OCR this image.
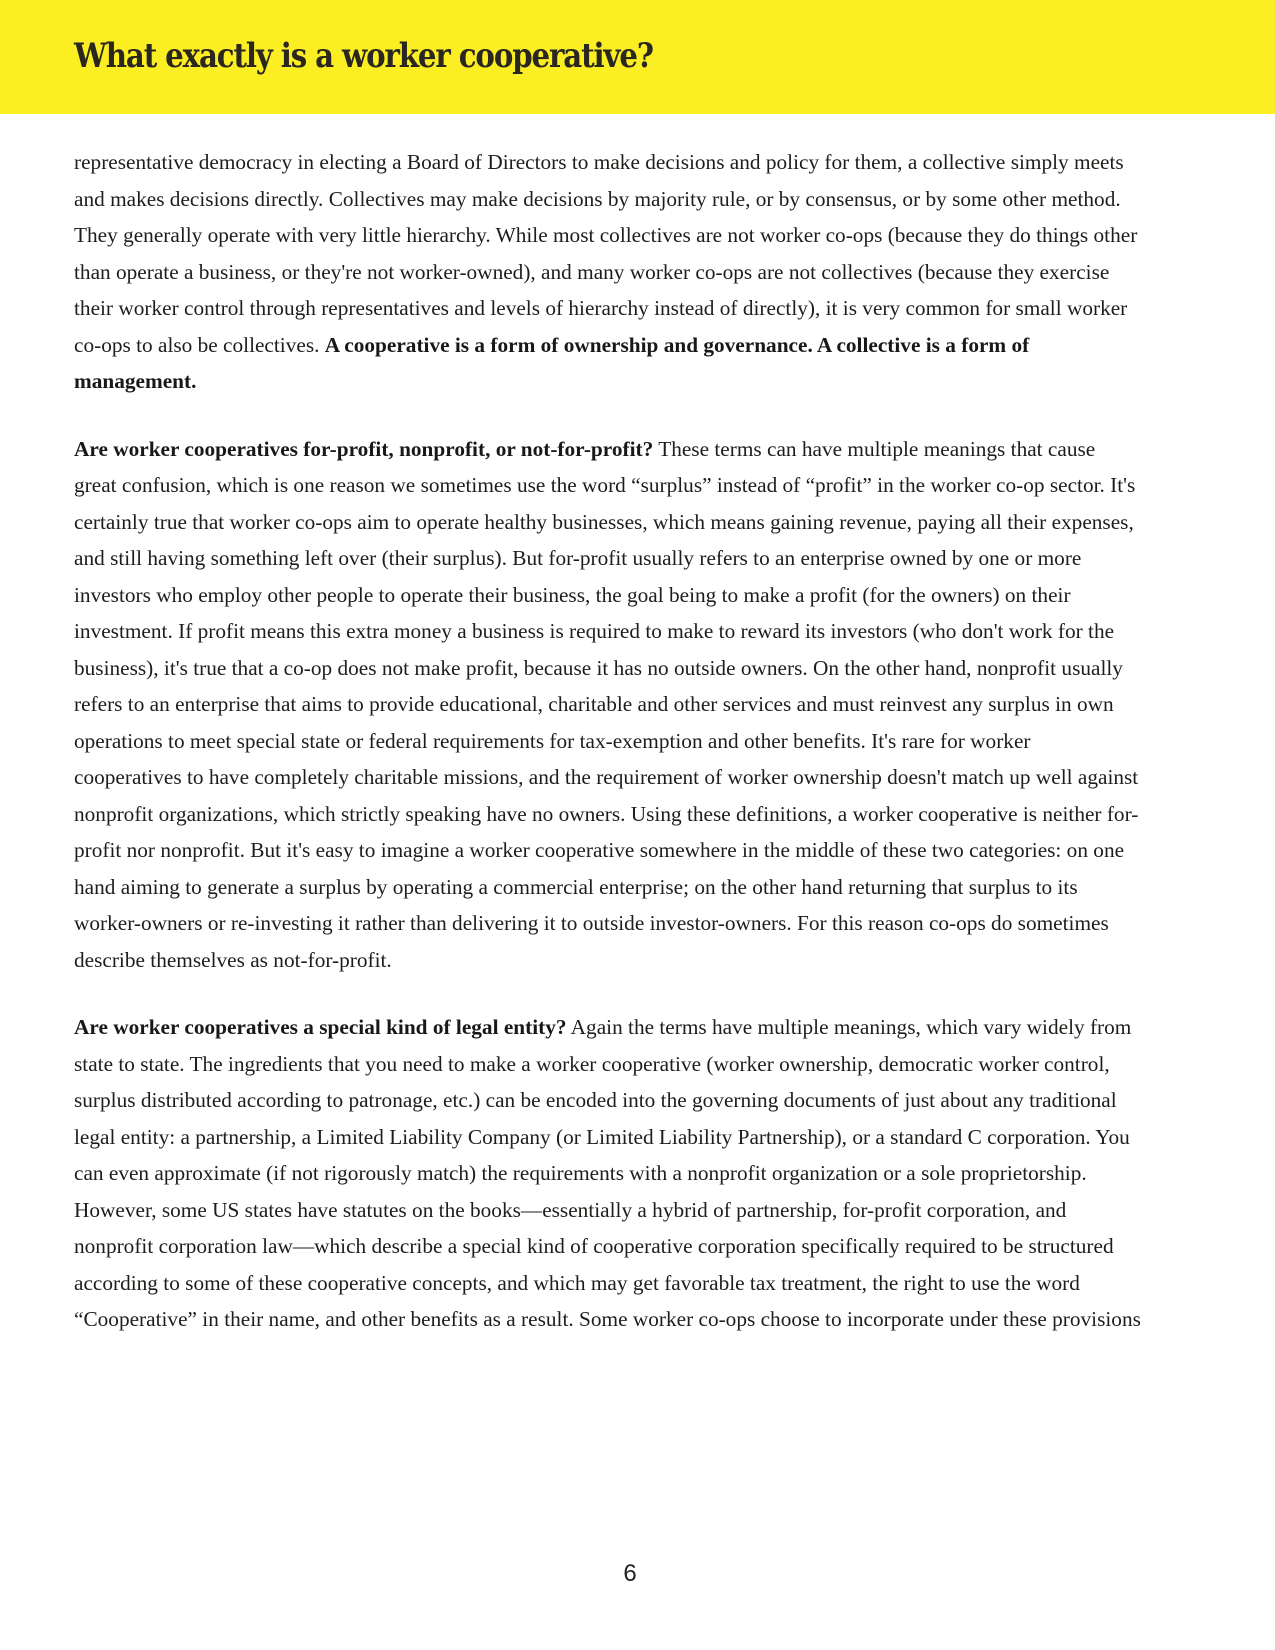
What exactly is a worker cooperative?

representative democracy in electing a Board of Directors to make decisions and policy for them, a collective simply meets and makes decisions directly. Collectives may make decisions by majority rule, or by consensus, or by some other method. They generally operate with very little hierarchy. While most collectives are not worker co-ops (because they do things other than operate a business, or they're not worker-owned), and many worker co-ops are not collectives (because they exercise their worker control through representatives and levels of hierarchy instead of directly), it is very common for small worker co-ops to also be collectives. A cooperative is a form of ownership and governance. A collective is a form of management.

Are worker cooperatives for-profit, nonprofit, or not-for-profit? These terms can have multiple meanings that cause great confusion, which is one reason we sometimes use the word “surplus” instead of “profit” in the worker co-op sector. It's certainly true that worker co-ops aim to operate healthy businesses, which means gaining revenue, paying all their expenses, and still having something left over (their surplus). But for-profit usually refers to an enterprise owned by one or more investors who employ other people to operate their business, the goal being to make a profit (for the owners) on their investment. If profit means this extra money a business is required to make to reward its investors (who don't work for the business), it's true that a co-op does not make profit, because it has no outside owners. On the other hand, nonprofit usually refers to an enterprise that aims to provide educational, charitable and other services and must reinvest any surplus in own operations to meet special state or federal requirements for tax-exemption and other benefits. It's rare for worker cooperatives to have completely charitable missions, and the requirement of worker ownership doesn't match up well against nonprofit organizations, which strictly speaking have no owners. Using these definitions, a worker cooperative is neither for-profit nor nonprofit. But it's easy to imagine a worker cooperative somewhere in the middle of these two categories: on one hand aiming to generate a surplus by operating a commercial enterprise; on the other hand returning that surplus to its worker-owners or re-investing it rather than delivering it to outside investor-owners. For this reason co-ops do sometimes describe themselves as not-for-profit.

Are worker cooperatives a special kind of legal entity? Again the terms have multiple meanings, which vary widely from state to state. The ingredients that you need to make a worker cooperative (worker ownership, democratic worker control, surplus distributed according to patronage, etc.) can be encoded into the governing documents of just about any traditional legal entity: a partnership, a Limited Liability Company (or Limited Liability Partnership), or a standard C corporation. You can even approximate (if not rigorously match) the requirements with a nonprofit organization or a sole proprietorship. However, some US states have statutes on the books—essentially a hybrid of partnership, for-profit corporation, and nonprofit corporation law—which describe a special kind of cooperative corporation specifically required to be structured according to some of these cooperative concepts, and which may get favorable tax treatment, the right to use the word “Cooperative” in their name, and other benefits as a result. Some worker co-ops choose to incorporate under these provisions

6
